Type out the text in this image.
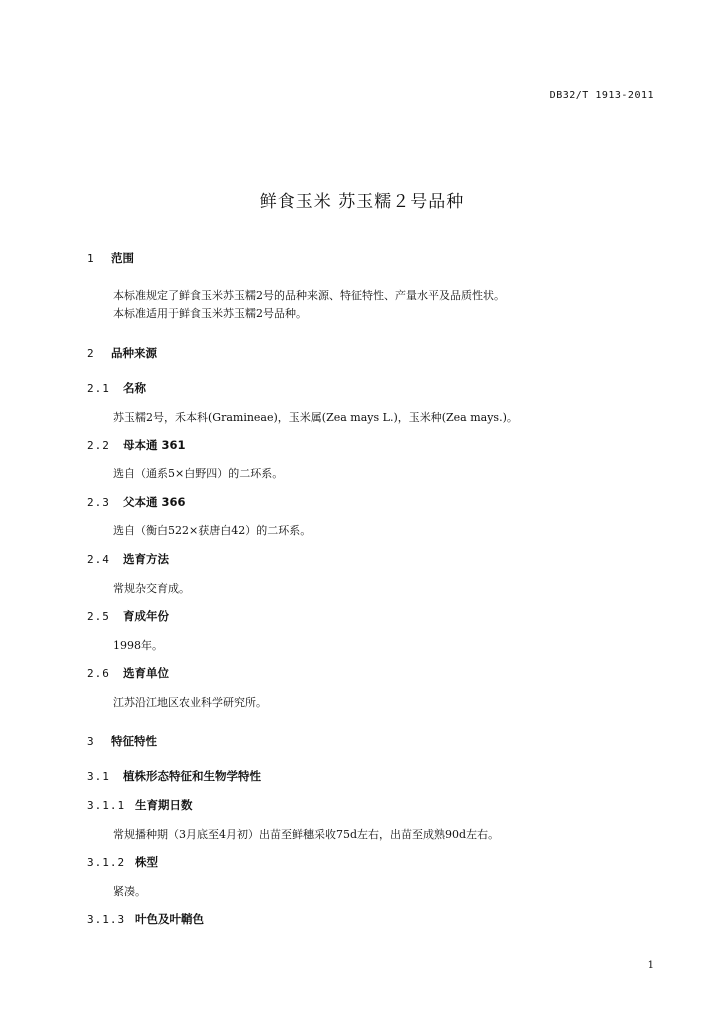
DB32/T 1913-2011
鲜食玉米 苏玉糯２号品种
1 范围
本标准规定了鲜食玉米苏玉糯2号的品种来源、特征特性、产量水平及品质性状。
本标准适用于鲜食玉米苏玉糯2号品种。
2 品种来源
2.1 名称
苏玉糯2号，禾本科(Gramineae)，玉米属(Zea mays L.)，玉米种(Zea mays.)。
2.2 母本通 361
选自（通系5×白野四）的二环系。
2.3 父本通 366
选自（衡白522×获唐白42）的二环系。
2.4 选育方法
常规杂交育成。
2.5 育成年份
1998年。
2.6 选育单位
江苏沿江地区农业科学研究所。
3 特征特性
3.1 植株形态特征和生物学特性
3.1.1 生育期日数
常规播种期（3月底至4月初）出苗至鲜穗采收75d左右，出苗至成熟90d左右。
3.1.2 株型
紧凑。
3.1.3 叶色及叶鞘色
1
